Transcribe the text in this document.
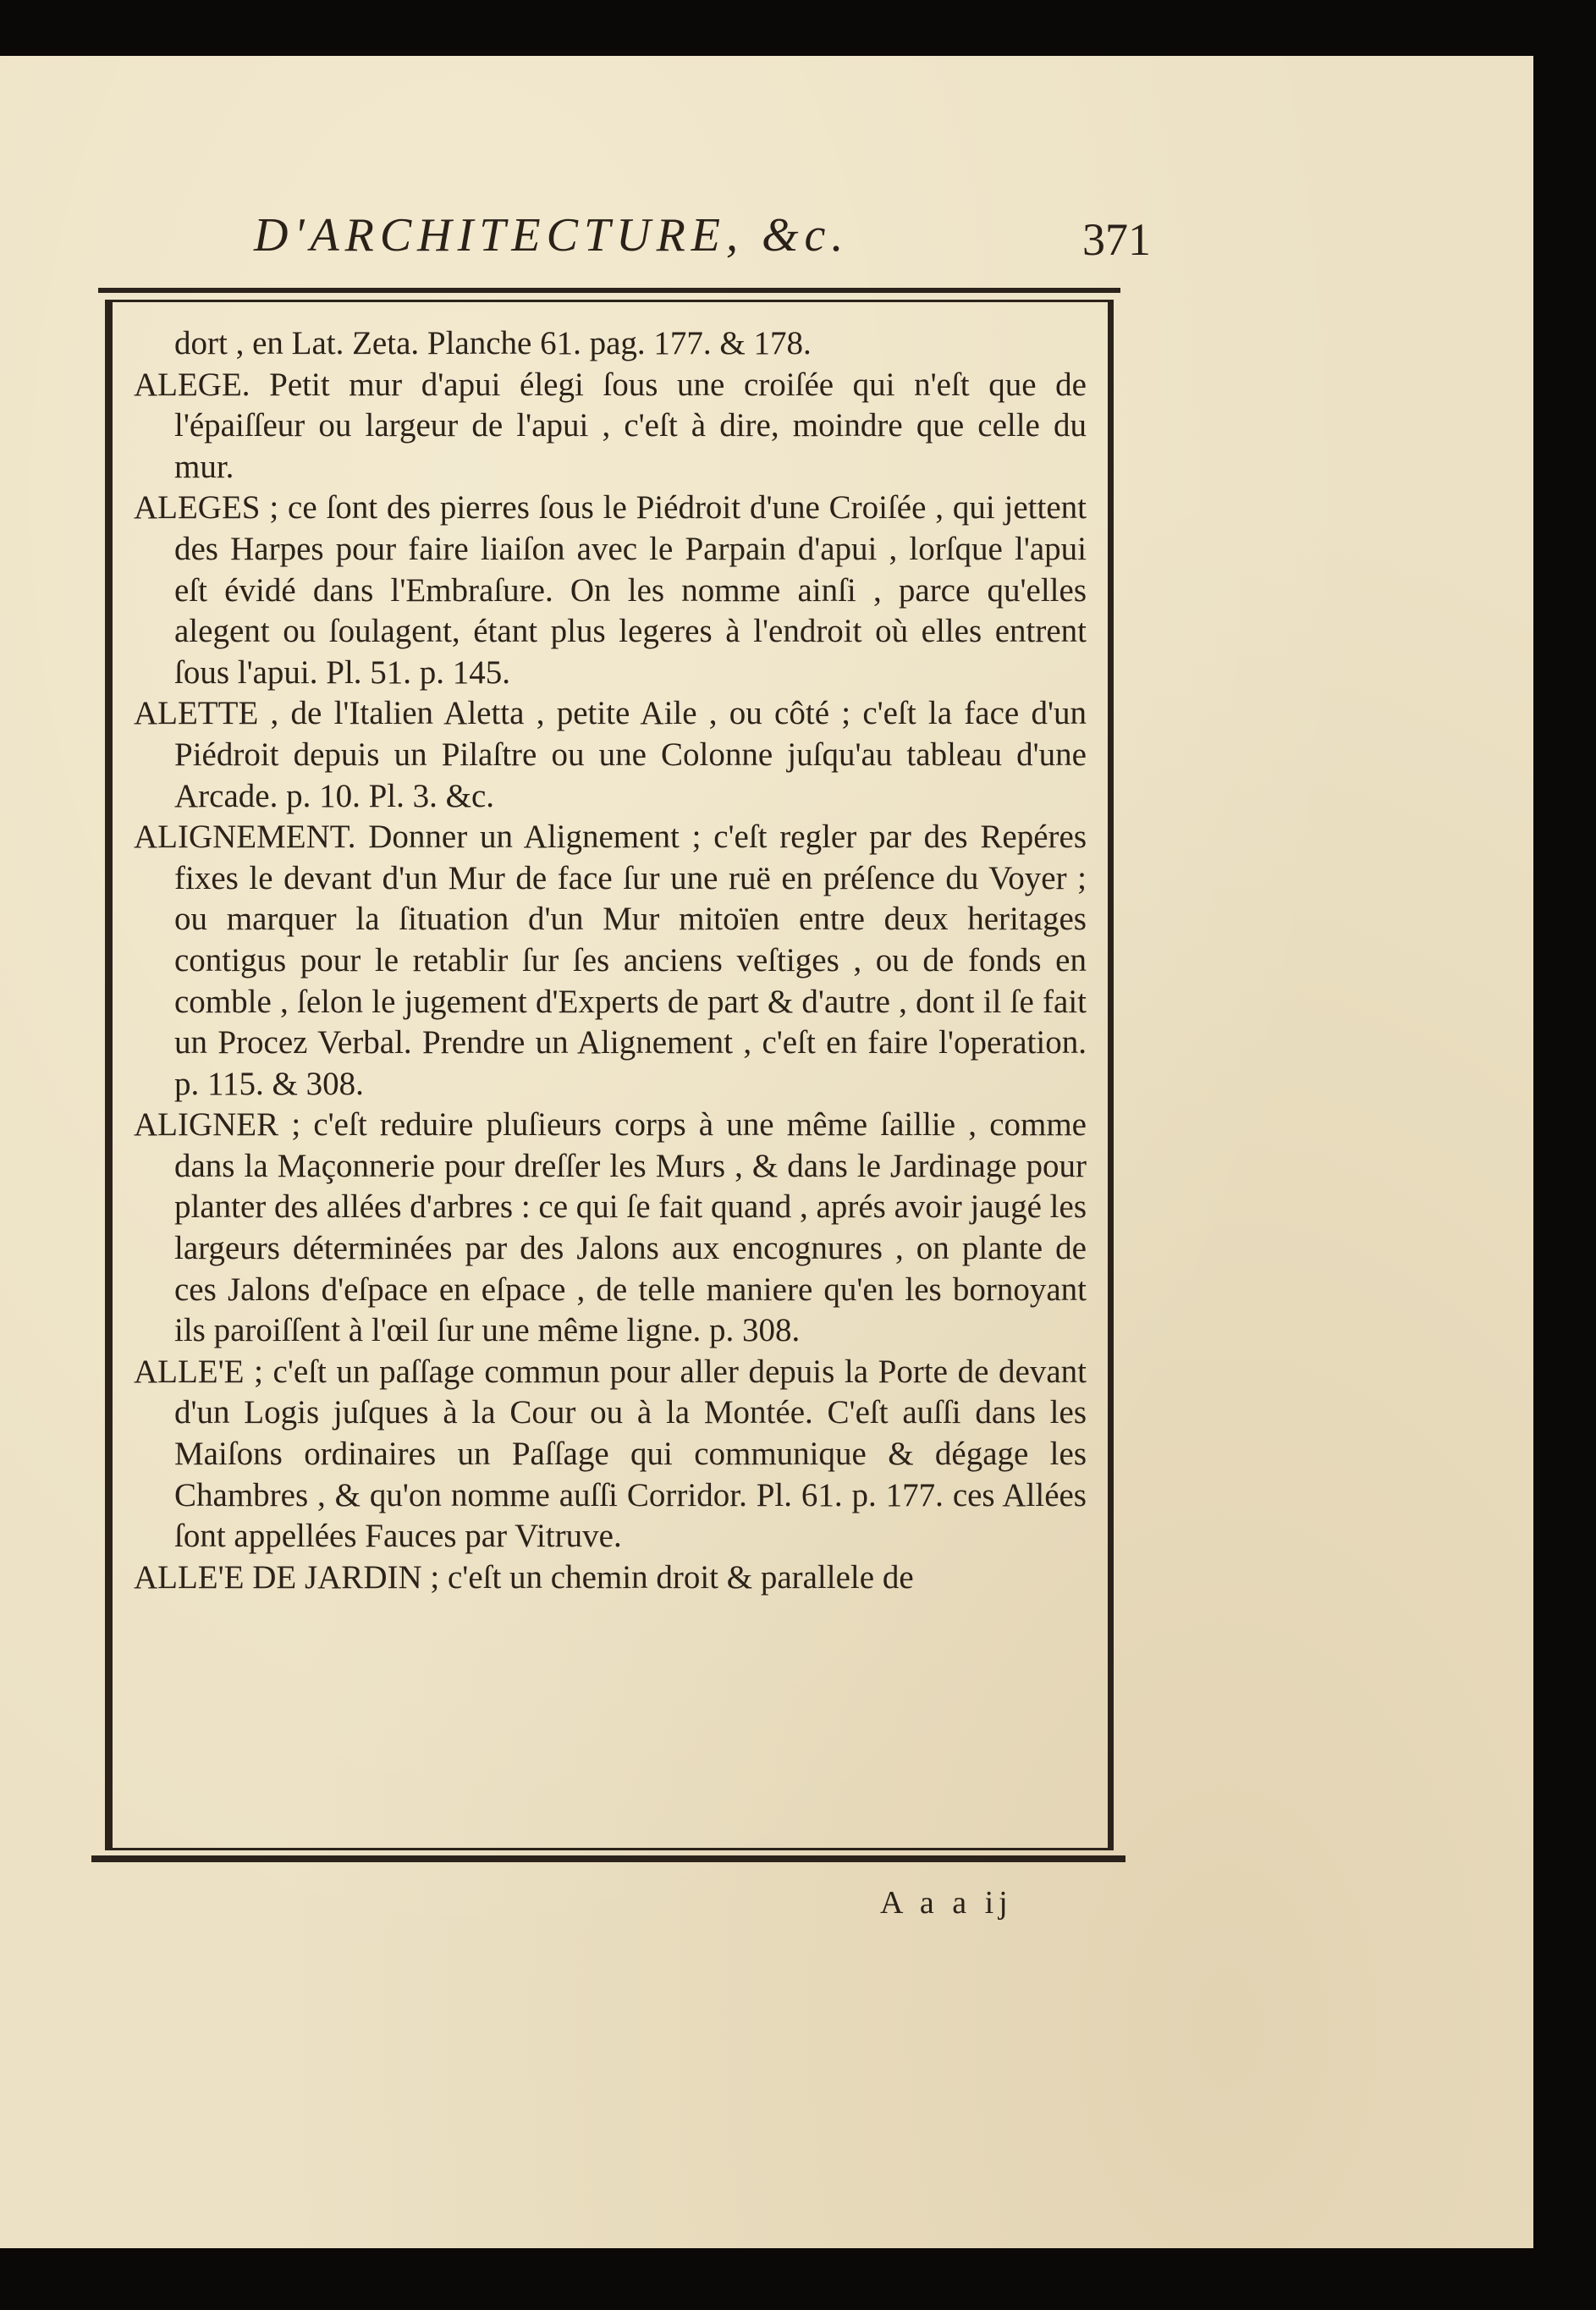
D'ARCHITECTURE, &c.	371

dort , en Lat. Zeta. Planche 61. pag. 177. & 178.

ALEGE. Petit mur d'apui élegi ſous une croiſée qui n'eſt que de l'épaiſſeur ou largeur de l'apui , c'eſt à dire, moindre que celle du mur.

ALEGES ; ce ſont des pierres ſous le Piédroit d'une Croiſée , qui jettent des Harpes pour faire liaiſon avec le Parpain d'apui , lorſque l'apui eſt évidé dans l'Embraſure. On les nomme ainſi , parce qu'elles alegent ou ſoulagent, étant plus legeres à l'endroit où elles entrent ſous l'apui. Pl. 51. p. 145.

ALETTE , de l'Italien Aletta , petite Aile , ou côté ; c'eſt la face d'un Piédroit depuis un Pilaſtre ou une Colonne juſqu'au tableau d'une Arcade. p. 10. Pl. 3. &c.

ALIGNEMENT. Donner un Alignement ; c'eſt regler par des Repéres fixes le devant d'un Mur de face ſur une ruë en préſence du Voyer ; ou marquer la ſituation d'un Mur mitoïen entre deux heritages contigus pour le retablir ſur ſes anciens veſtiges , ou de fonds en comble , ſelon le jugement d'Experts de part & d'autre , dont il ſe fait un Procez Verbal. Prendre un Alignement , c'eſt en faire l'operation. p. 115. & 308.

ALIGNER ; c'eſt reduire pluſieurs corps à une même ſaillie , comme dans la Maçonnerie pour dreſſer les Murs , & dans le Jardinage pour planter des allées d'arbres : ce qui ſe fait quand , aprés avoir jaugé les largeurs déterminées par des Jalons aux encognures , on plante de ces Jalons d'eſpace en eſpace , de telle maniere qu'en les bornoyant ils paroiſſent à l'œil ſur une même ligne. p. 308.

ALLE'E ; c'eſt un paſſage commun pour aller depuis la Porte de devant d'un Logis juſques à la Cour ou à la Montée. C'eſt auſſi dans les Maiſons ordinaires un Paſſage qui communique & dégage les Chambres , & qu'on nomme auſſi Corridor. Pl. 61. p. 177. ces Allées ſont appellées Fauces par Vitruve.

ALLE'E DE JARDIN ; c'eſt un chemin droit & parallele de

A a a ij
